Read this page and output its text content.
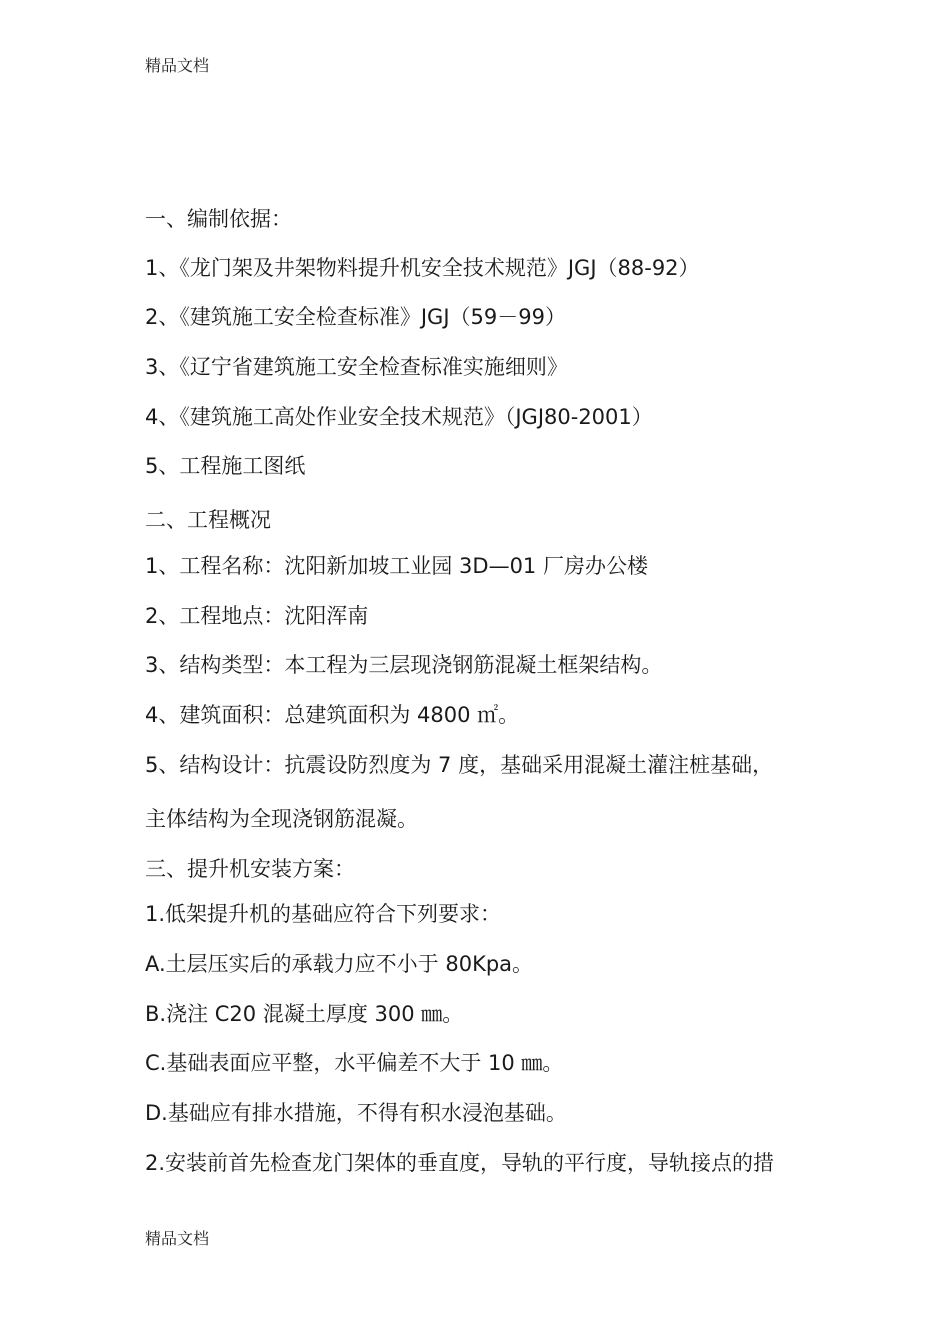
精品文档
一、编制依据：
1、《龙门架及井架物料提升机安全技术规范》JGJ（88-92）
2、《建筑施工安全检查标准》JGJ（59－99）
3、《辽宁省建筑施工安全检查标准实施细则》
4、《建筑施工高处作业安全技术规范》（JGJ80-2001）
5、工程施工图纸
二、工程概况
1、工程名称：沈阳新加坡工业园 3D—01 厂房办公楼
2、工程地点：沈阳浑南
3、结构类型：本工程为三层现浇钢筋混凝土框架结构。
4、建筑面积：总建筑面积为 4800 ㎡。
5、结构设计：抗震设防烈度为 7 度，基础采用混凝土灌注桩基础，
主体结构为全现浇钢筋混凝。
三、提升机安装方案：
1.低架提升机的基础应符合下列要求：
A.土层压实后的承载力应不小于 80Kpa。
B.浇注 C20 混凝土厚度 300 ㎜。
C.基础表面应平整，水平偏差不大于 10 ㎜。
D.基础应有排水措施，不得有积水浸泡基础。
2.安装前首先检查龙门架体的垂直度，导轨的平行度，导轨接点的措
精品文档
